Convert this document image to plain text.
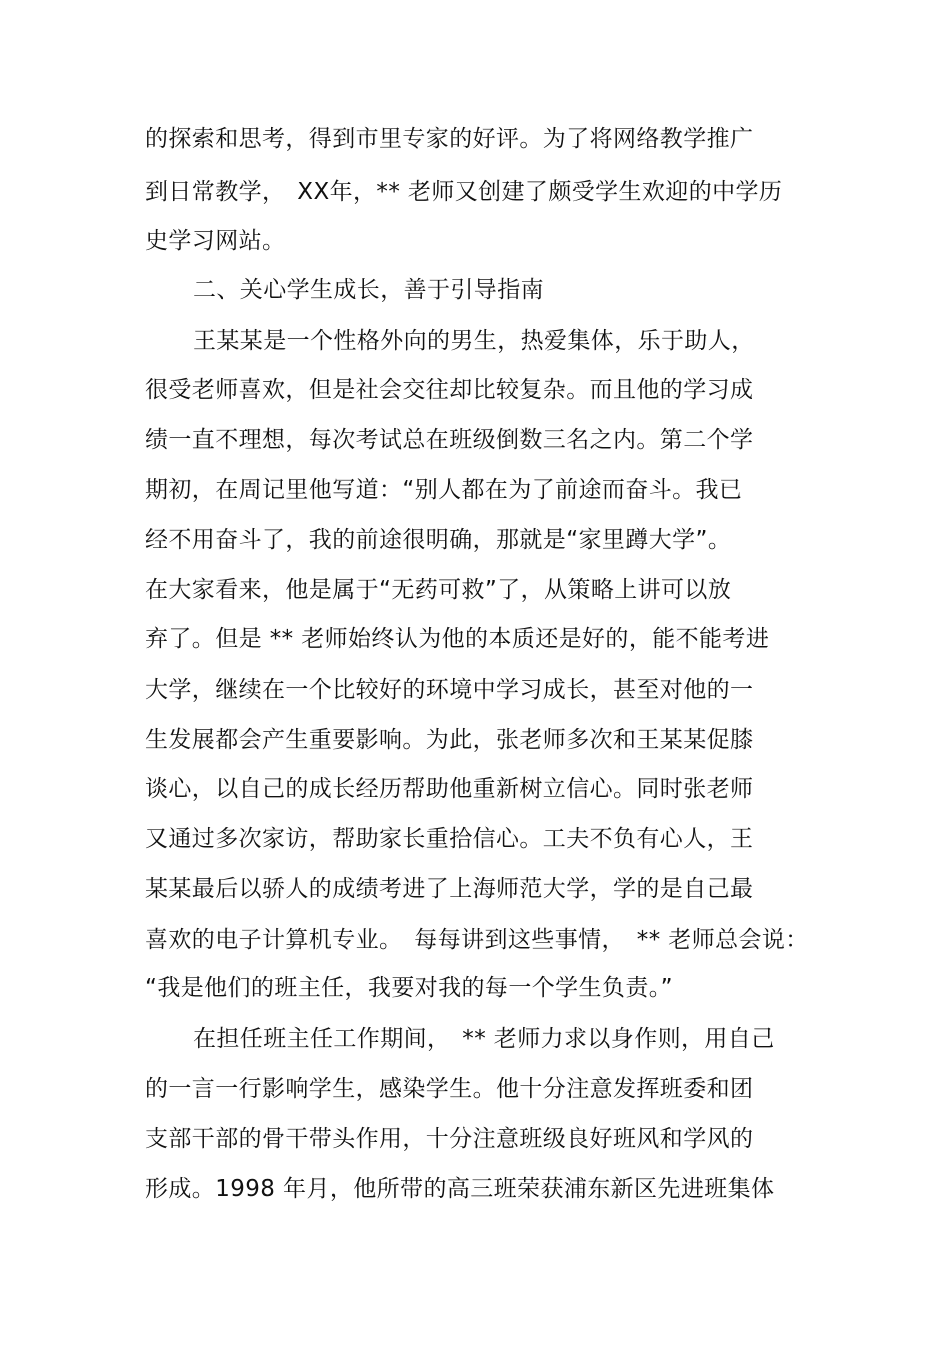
的探索和思考，得到市里专家的好评。为了将网络教学推广

到日常教学，　XX年，** 老师又创建了颇受学生欢迎的中学历

史学习网站。

二、关心学生成长，善于引导指南

王某某是一个性格外向的男生，热爱集体，乐于助人，

很受老师喜欢，但是社会交往却比较复杂。而且他的学习成

绩一直不理想，每次考试总在班级倒数三名之内。第二个学

期初，在周记里他写道：“别人都在为了前途而奋斗。我已

经不用奋斗了，我的前途很明确，那就是“家里蹲大学”。

在大家看来，他是属于“无药可救”了，从策略上讲可以放

弃了。但是 ** 老师始终认为他的本质还是好的，能不能考进

大学，继续在一个比较好的环境中学习成长，甚至对他的一

生发展都会产生重要影响。为此，张老师多次和王某某促膝

谈心，以自己的成长经历帮助他重新树立信心。同时张老师

又通过多次家访，帮助家长重拾信心。工夫不负有心人，王

某某最后以骄人的成绩考进了上海师范大学，学的是自己最

喜欢的电子计算机专业。　每每讲到这些事情，　** 老师总会说：

“我是他们的班主任，我要对我的每一个学生负责。”

在担任班主任工作期间，　** 老师力求以身作则，用自己

的一言一行影响学生，感染学生。他十分注意发挥班委和团

支部干部的骨干带头作用，十分注意班级良好班风和学风的

形成。1998 年月，他所带的高三班荣获浦东新区先进班集体
